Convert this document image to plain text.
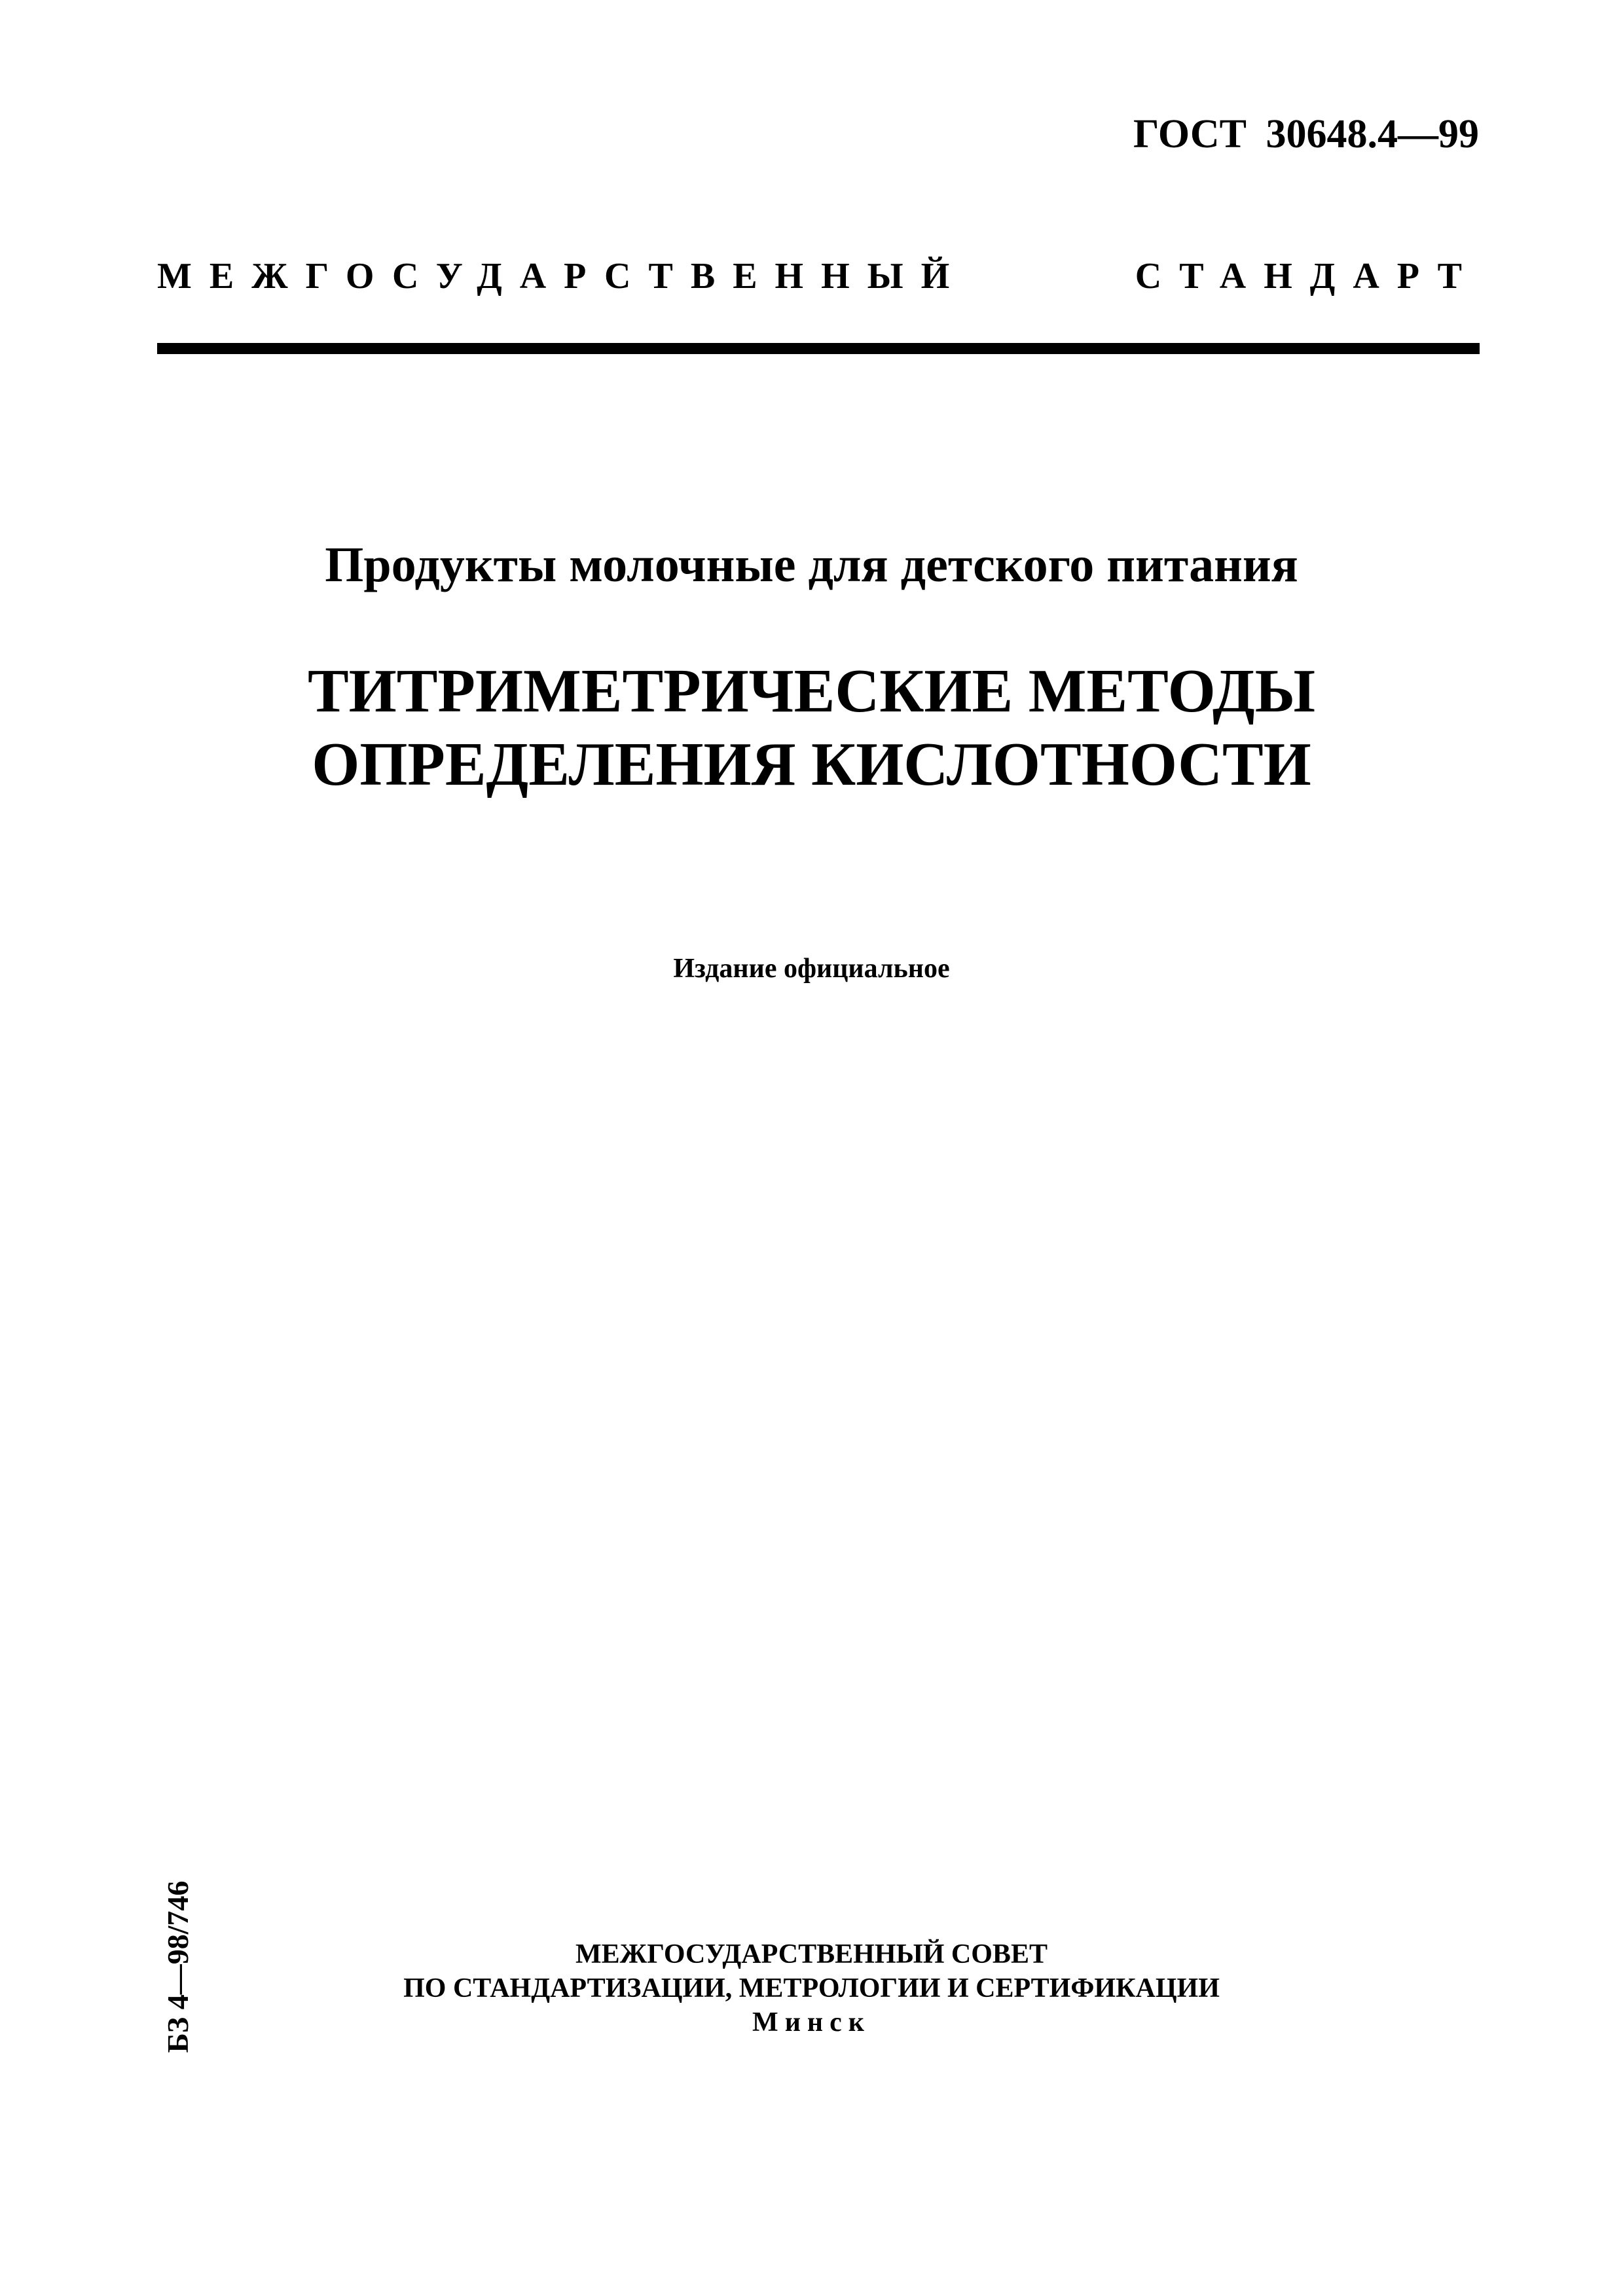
ГОСТ 30648.4—99
МЕЖГОСУДАРСТВЕННЫЙ	СТАНДАРТ
Продукты молочные для детского питания
ТИТРИМЕТРИЧЕСКИЕ МЕТОДЫ
ОПРЕДЕЛЕНИЯ КИСЛОТНОСТИ
Издание официальное
БЗ 4—98/746	МЕЖГОСУДАРСТВЕННЫЙ СОВЕТ
ПО СТАНДАРТИЗАЦИИ, МЕТРОЛОГИИ И СЕРТИФИКАЦИИ
Минск
